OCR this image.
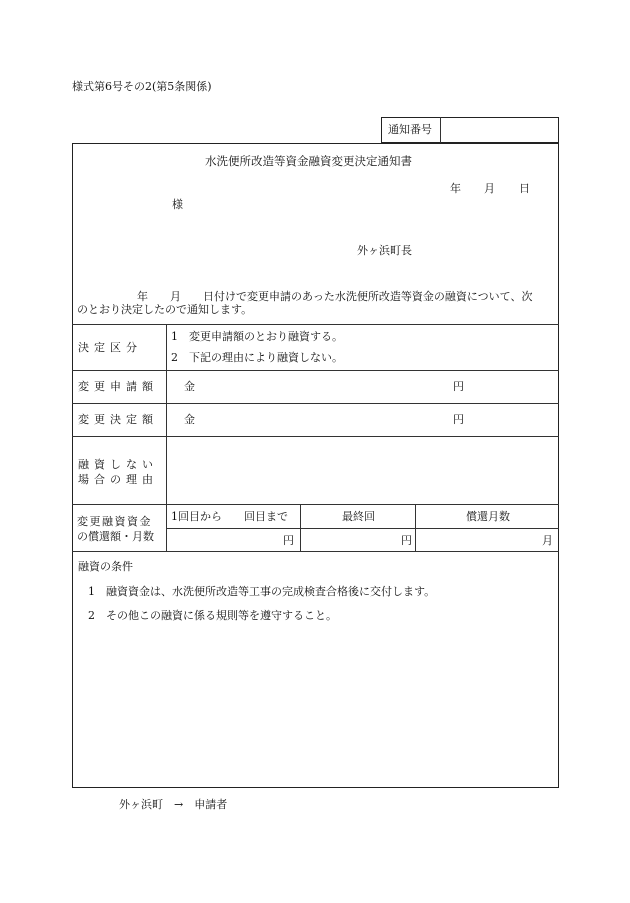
様式第6号その2(第5条関係)
通知番号
水洗便所改造等資金融資変更決定通知書
年 月 日
様
外ヶ浜町長
年　　月　　日付けで変更申請のあった水洗便所改造等資金の融資について、次
のとおり決定したので通知します。
決定区分
1　変更申請額のとおり融資する。
2　下記の理由により融資しない。
変更申請額 金	円
変更決定額 金	円
融資しない
場合の理由
変更融資資金
の償還額・月数
1回目から　　回目まで	最終回	償還月数
円	円	月
融資の条件
1　融資資金は、水洗便所改造等工事の完成検査合格後に交付します。
2　その他この融資に係る規則等を遵守すること。
外ヶ浜町　→　申請者
